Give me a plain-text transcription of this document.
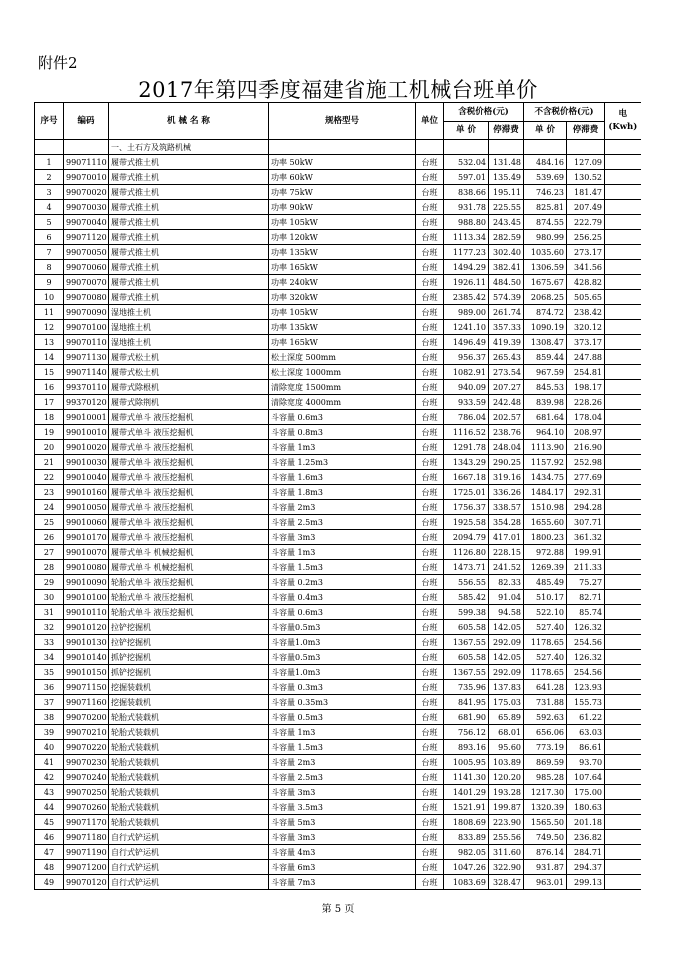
附件2
2017年第四季度福建省施工机械台班单价
序号	编码	机 械 名 称	规格型号	单位	含税价格(元)		不含税价格(元)		电
(Kwh)

					单 价	停滞费	单 价	停滞费	
		一、土石方及筑路机械							
1	99071110	履带式推土机	功率 50kW	台班	532.04	131.48	484.16	127.09	
2	99070010	履带式推土机	功率 60kW	台班	597.01	135.49	539.69	130.52	
3	99070020	履带式推土机	功率 75kW	台班	838.66	195.11	746.23	181.47	
4	99070030	履带式推土机	功率 90kW	台班	931.78	225.55	825.81	207.49	
5	99070040	履带式推土机	功率 105kW	台班	988.80	243.45	874.55	222.79	
6	99071120	履带式推土机	功率 120kW	台班	1113.34	282.59	980.99	256.25	
7	99070050	履带式推土机	功率 135kW	台班	1177.23	302.40	1035.60	273.17	
8	99070060	履带式推土机	功率 165kW	台班	1494.29	382.41	1306.59	341.56	
9	99070070	履带式推土机	功率 240kW	台班	1926.11	484.50	1675.67	428.82	
10	99070080	履带式推土机	功率 320kW	台班	2385.42	574.39	2068.25	505.65	
11	99070090	湿地推土机	功率 105kW	台班	989.00	261.74	874.72	238.42	
12	99070100	湿地推土机	功率 135kW	台班	1241.10	357.33	1090.19	320.12	
13	99070110	湿地推土机	功率 165kW	台班	1496.49	419.39	1308.47	373.17	
14	99071130	履带式松土机	松土深度 500mm	台班	956.37	265.43	859.44	247.88	
15	99071140	履带式松土机	松土深度 1000mm	台班	1082.91	273.54	967.59	254.81	
16	99370110	履带式除根机	清除宽度 1500mm	台班	940.09	207.27	845.53	198.17	
17	99370120	履带式除荆机	清除宽度 4000mm	台班	933.59	242.48	839.98	228.26	
18	99010001	履带式单斗 液压挖掘机	斗容量 0.6m3	台班	786.04	202.57	681.64	178.04	
19	99010010	履带式单斗 液压挖掘机	斗容量 0.8m3	台班	1116.52	238.76	964.10	208.97	
20	99010020	履带式单斗 液压挖掘机	斗容量 1m3	台班	1291.78	248.04	1113.90	216.90	
21	99010030	履带式单斗 液压挖掘机	斗容量 1.25m3	台班	1343.29	290.25	1157.92	252.98	
22	99010040	履带式单斗 液压挖掘机	斗容量 1.6m3	台班	1667.18	319.16	1434.75	277.69	
23	99010160	履带式单斗 液压挖掘机	斗容量 1.8m3	台班	1725.01	336.26	1484.17	292.31	
24	99010050	履带式单斗 液压挖掘机	斗容量 2m3	台班	1756.37	338.57	1510.98	294.28	
25	99010060	履带式单斗 液压挖掘机	斗容量 2.5m3	台班	1925.58	354.28	1655.60	307.71	
26	99010170	履带式单斗 液压挖掘机	斗容量 3m3	台班	2094.79	417.01	1800.23	361.32	
27	99010070	履带式单斗 机械挖掘机	斗容量 1m3	台班	1126.80	228.15	972.88	199.91	
28	99010080	履带式单斗 机械挖掘机	斗容量 1.5m3	台班	1473.71	241.52	1269.39	211.33	
29	99010090	轮胎式单斗 液压挖掘机	斗容量 0.2m3	台班	556.55	82.33	485.49	75.27	
30	99010100	轮胎式单斗 液压挖掘机	斗容量 0.4m3	台班	585.42	91.04	510.17	82.71	
31	99010110	轮胎式单斗 液压挖掘机	斗容量 0.6m3	台班	599.38	94.58	522.10	85.74	
32	99010120	拉铲挖掘机	斗容量0.5m3	台班	605.58	142.05	527.40	126.32	
33	99010130	拉铲挖掘机	斗容量1.0m3	台班	1367.55	292.09	1178.65	254.56	
34	99010140	抓铲挖掘机	斗容量0.5m3	台班	605.58	142.05	527.40	126.32	
35	99010150	抓铲挖掘机	斗容量1.0m3	台班	1367.55	292.09	1178.65	254.56	
36	99071150	挖掘装载机	斗容量 0.3m3	台班	735.96	137.83	641.28	123.93	
37	99071160	挖掘装载机	斗容量 0.35m3	台班	841.95	175.03	731.88	155.73	
38	99070200	轮胎式装载机	斗容量 0.5m3	台班	681.90	65.89	592.63	61.22	
39	99070210	轮胎式装载机	斗容量 1m3	台班	756.12	68.01	656.06	63.03	
40	99070220	轮胎式装载机	斗容量 1.5m3	台班	893.16	95.60	773.19	86.61	
41	99070230	轮胎式装载机	斗容量 2m3	台班	1005.95	103.89	869.59	93.70	
42	99070240	轮胎式装载机	斗容量 2.5m3	台班	1141.30	120.20	985.28	107.64	
43	99070250	轮胎式装载机	斗容量 3m3	台班	1401.29	193.28	1217.30	175.00	
44	99070260	轮胎式装载机	斗容量 3.5m3	台班	1521.91	199.87	1320.39	180.63	
45	99071170	轮胎式装载机	斗容量 5m3	台班	1808.69	223.90	1565.50	201.18	
46	99071180	自行式铲运机	斗容量 3m3	台班	833.89	255.56	749.50	236.82	
47	99071190	自行式铲运机	斗容量 4m3	台班	982.05	311.60	876.14	284.71	
48	99071200	自行式铲运机	斗容量 6m3	台班	1047.26	322.90	931.87	294.37	
49	99070120	自行式铲运机	斗容量 7m3	台班	1083.69	328.47	963.01	299.13	
第 5 页
